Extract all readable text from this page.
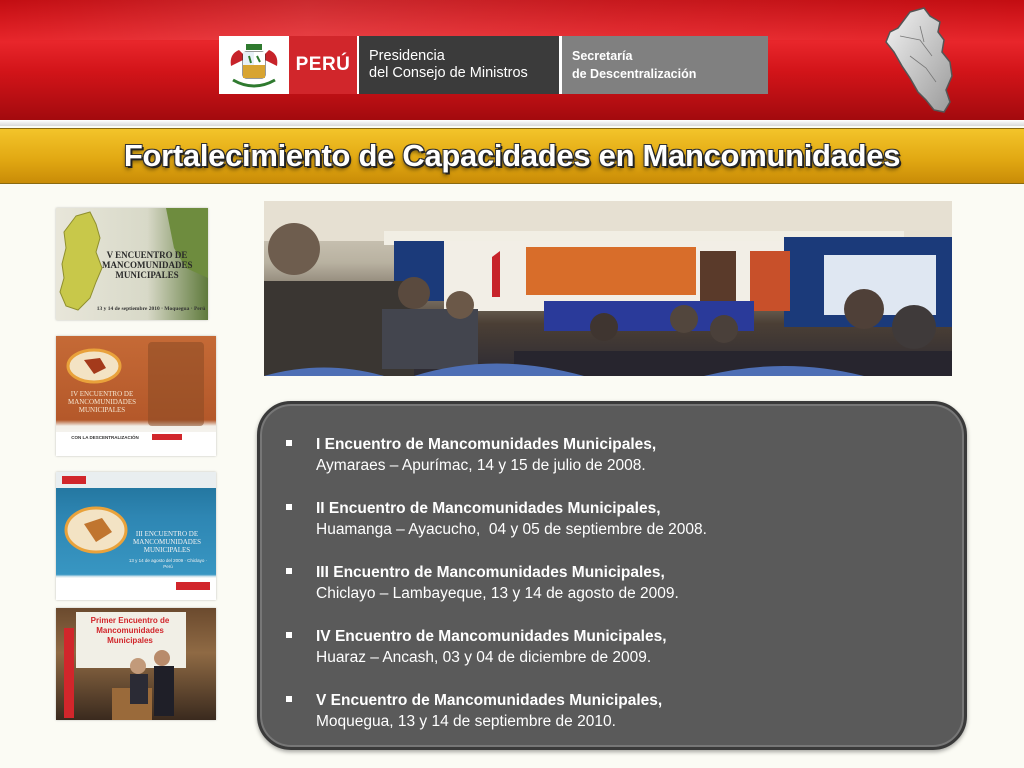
PERÚ	Presidencia
del Consejo de Ministros
Secretaría
de Descentralización
Fortalecimiento de Capacidades en Mancomunidades
V ENCUENTRO DE
MANCOMUNIDADES
MUNICIPALES
13 y 14 de septiembre 2010 · Moquegua · Perú
IV ENCUENTRO DE
MANCOMUNIDADES
MUNICIPALES
CON LA DESCENTRALIZACIÓN
III ENCUENTRO DE
MANCOMUNIDADES
MUNICIPALES
13 y 14 de agosto del 2009 · Chiclayo · Perú
Primer Encuentro de
Mancomunidades
Municipales
I Encuentro de Mancomunidades Municipales,
Aymaraes – Apurímac, 14 y 15 de julio de 2008.
II Encuentro de Mancomunidades Municipales,
Huamanga – Ayacucho,  04 y 05 de septiembre de 2008.
III Encuentro de Mancomunidades Municipales,
Chiclayo – Lambayeque, 13 y 14 de agosto de 2009.
IV Encuentro de Mancomunidades Municipales,
Huaraz – Ancash, 03 y 04 de diciembre de 2009.
V Encuentro de Mancomunidades Municipales,
Moquegua, 13 y 14 de septiembre de 2010.
